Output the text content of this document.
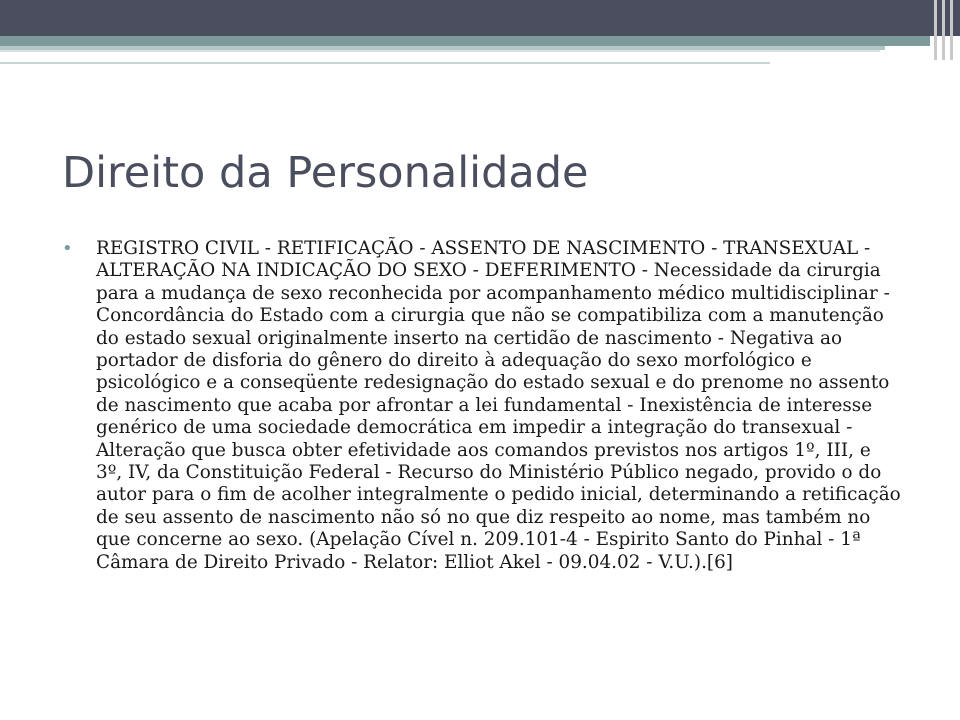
Direito da Personalidade
• REGISTRO CIVIL - RETIFICAÇÃO - ASSENTO DE NASCIMENTO - TRANSEXUAL - ALTERAÇÃO NA INDICAÇÃO DO SEXO - DEFERIMENTO - Necessidade da cirurgia para a mudança de sexo reconhecida por acompanhamento médico multidisciplinar - Concordância do Estado com a cirurgia que não se compatibiliza com a manutenção do estado sexual originalmente inserto na certidão de nascimento - Negativa ao portador de disforia do gênero do direito à adequação do sexo morfológico e psicológico e a conseqüente redesignação do estado sexual e do prenome no assento de nascimento que acaba por afrontar a lei fundamental - Inexistência de interesse genérico de uma sociedade democrática em impedir a integração do transexual - Alteração que busca obter efetividade aos comandos previstos nos artigos 1º, III, e 3º, IV, da Constituição Federal - Recurso do Ministério Público negado, provido o do autor para o fim de acolher integralmente o pedido inicial, determinando a retificação de seu assento de nascimento não só no que diz respeito ao nome, mas também no que concerne ao sexo. (Apelação Cível n. 209.101-4 - Espirito Santo do Pinhal - 1ª Câmara de Direito Privado - Relator: Elliot Akel - 09.04.02 - V.U.).[6]
